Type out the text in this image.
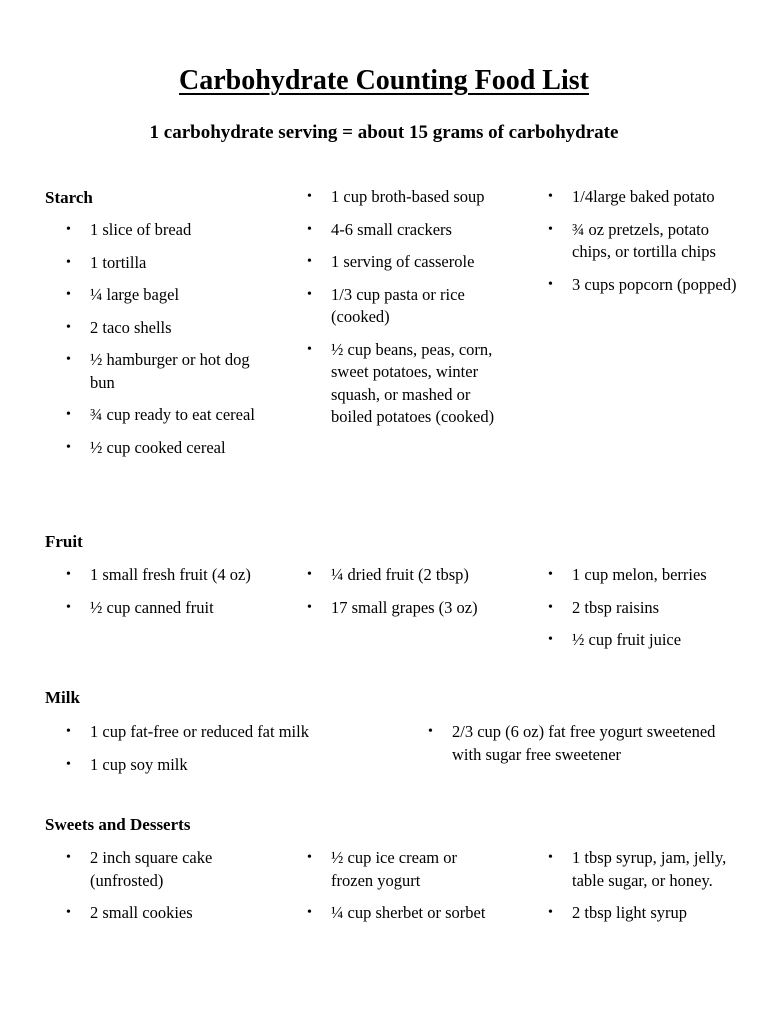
Carbohydrate Counting Food List
1 carbohydrate serving = about 15 grams of carbohydrate
Starch
•	1 slice of bread
•	1 tortilla
•	¼ large bagel
•	2 taco shells
•	½ hamburger or hot dog bun
•	¾ cup ready to eat cereal
•	½ cup cooked cereal
•	1 cup broth-based soup
•	4-6 small crackers
•	1 serving of casserole
•	1/3 cup pasta or rice (cooked)
•	½ cup beans, peas, corn, sweet potatoes, winter squash, or mashed or boiled potatoes (cooked)
•	1/4large baked potato
•	¾ oz pretzels, potato chips, or tortilla chips
•	3 cups popcorn (popped)
Fruit
•	1 small fresh fruit (4 oz)
•	½ cup canned fruit
•	¼ dried fruit (2 tbsp)
•	17 small grapes (3 oz)
•	1 cup melon, berries
•	2 tbsp raisins
•	½ cup fruit juice
Milk
•	1 cup fat-free or reduced fat milk
•	1 cup soy milk
•	2/3 cup (6 oz) fat free yogurt sweetened with sugar free sweetener
Sweets and Desserts
•	2 inch square cake (unfrosted)
•	2 small cookies
•	½ cup ice cream or frozen yogurt
•	¼ cup sherbet or sorbet
•	1 tbsp syrup, jam, jelly, table sugar, or honey.
•	2 tbsp light syrup
